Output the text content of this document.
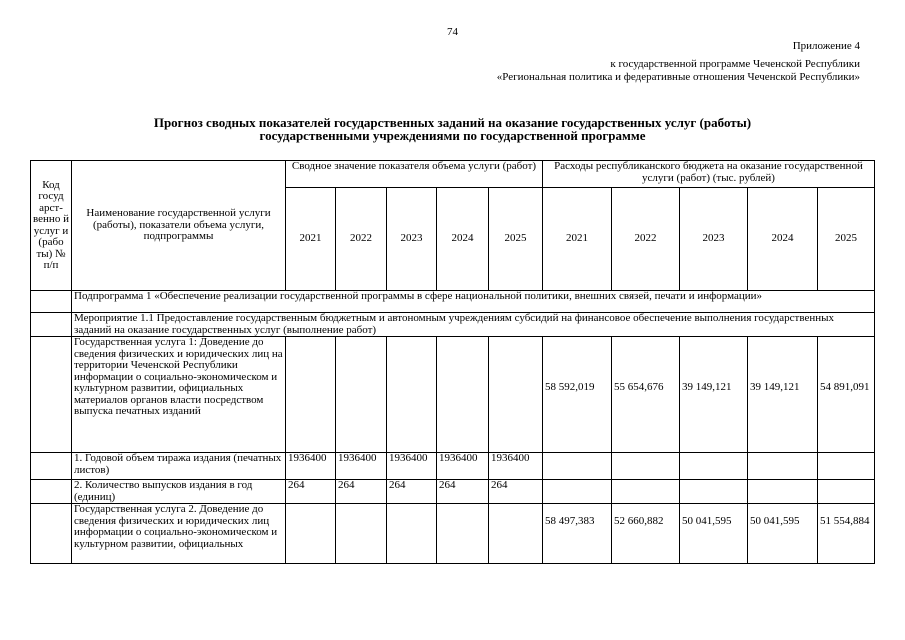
74
Приложение 4
к государственной программе Чеченской Республики
«Региональная политика и федеративные отношения Чеченской Республики»
Прогноз сводных показателей государственных заданий на оказание государственных услуг (работы)
государственными учреждениями по государственной программе
Код госуд арст- венно й услуг и (рабо ты) № п/п	Наименование государственной услуги (работы), показатели объема услуги, подпрограммы	Сводное значение показателя объема услуги (работ)					Расходы республиканского бюджета на оказание государственной услуги (работ) (тыс. рублей)				
		2021	2022	2023	2024	2025	2021	2022	2023	2024	2025
	Подпрограмма 1 «Обеспечение реализации государственной программы в сфере национальной политики, внешних связей, печати и информации»										
	Мероприятие 1.1 Предоставление государственным бюджетным и автономным учреждениям субсидий на финансовое обеспечение выполнения государственных заданий на оказание государственных услуг (выполнение работ)										
	Государственная услуга 1: Доведение до сведения физических и юридических лиц на территории Чеченской Республики информации о социально-экономическом и культурном развитии, официальных материалов органов власти посредством выпуска печатных изданий						58 592,019	55 654,676	39 149,121	39 149,121	54 891,091
	1. Годовой объем тиража издания (печатных листов)	1936400	1936400	1936400	1936400	1936400					
	2. Количество выпусков издания в год (единиц)	264	264	264	264	264					
	Государственная услуга 2. Доведение до сведения физических и юридических лиц информации о социально-экономическом и культурном развитии, официальных						58 497,383	52 660,882	50 041,595	50 041,595	51 554,884
